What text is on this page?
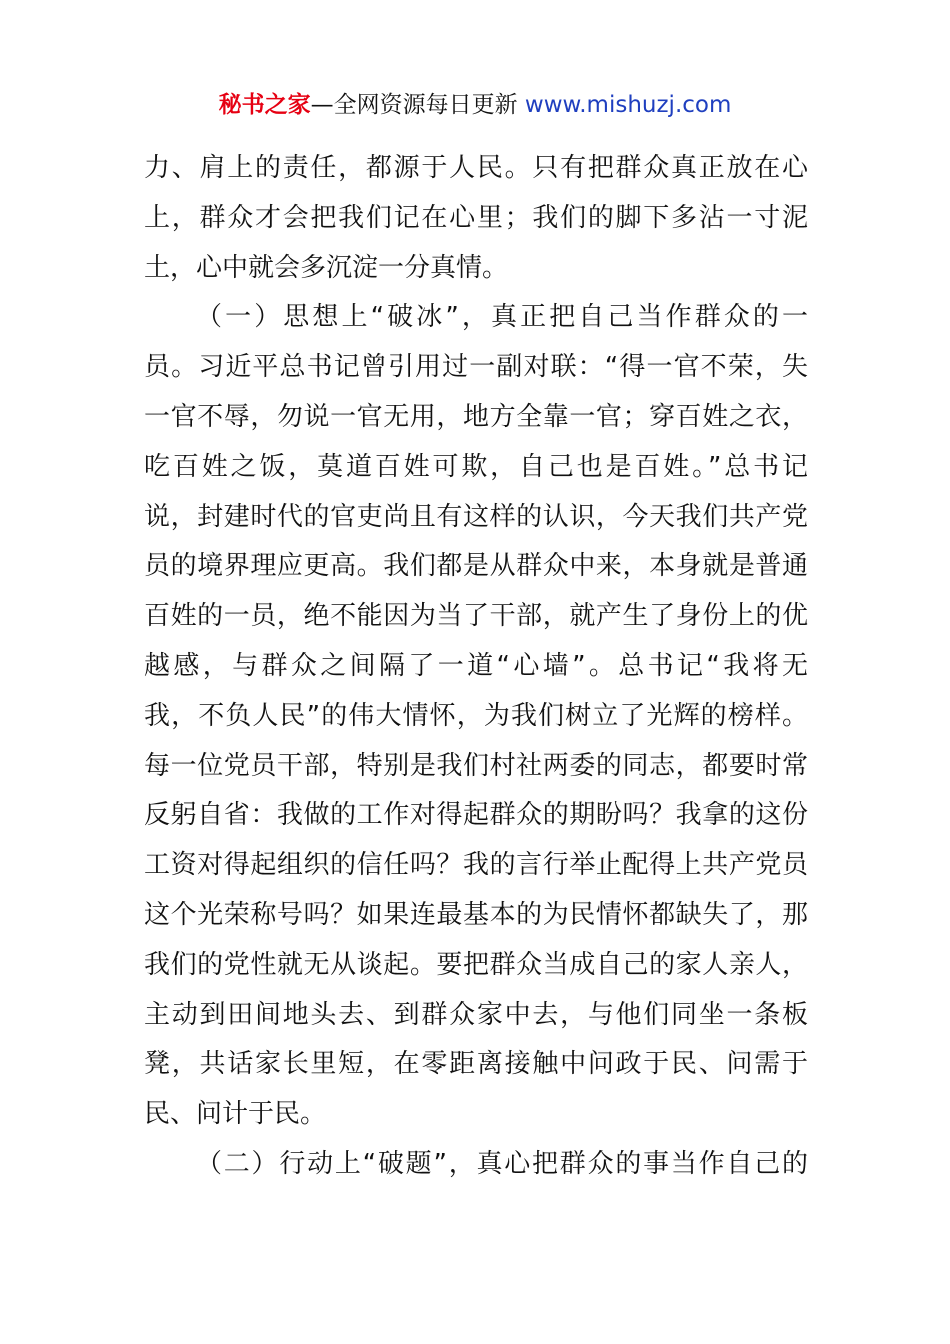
秘书之家—全网资源每日更新 www.mishuzj.com
力、肩上的责任，都源于人民。只有把群众真正放在心
上，群众才会把我们记在心里；我们的脚下多沾一寸泥
土，心中就会多沉淀一分真情。
（一）思想上“破冰”，真正把自己当作群众的一
员。习近平总书记曾引用过一副对联：“得一官不荣，失
一官不辱，勿说一官无用，地方全靠一官；穿百姓之衣，
吃百姓之饭，莫道百姓可欺，自己也是百姓。”总书记
说，封建时代的官吏尚且有这样的认识，今天我们共产党
员的境界理应更高。我们都是从群众中来，本身就是普通
百姓的一员，绝不能因为当了干部，就产生了身份上的优
越感，与群众之间隔了一道“心墙”。总书记“我将无
我，不负人民”的伟大情怀，为我们树立了光辉的榜样。
每一位党员干部，特别是我们村社两委的同志，都要时常
反躬自省：我做的工作对得起群众的期盼吗？我拿的这份
工资对得起组织的信任吗？我的言行举止配得上共产党员
这个光荣称号吗？如果连最基本的为民情怀都缺失了，那
我们的党性就无从谈起。要把群众当成自己的家人亲人，
主动到田间地头去、到群众家中去，与他们同坐一条板
凳，共话家长里短，在零距离接触中问政于民、问需于
民、问计于民。
（二）行动上“破题”，真心把群众的事当作自己的
